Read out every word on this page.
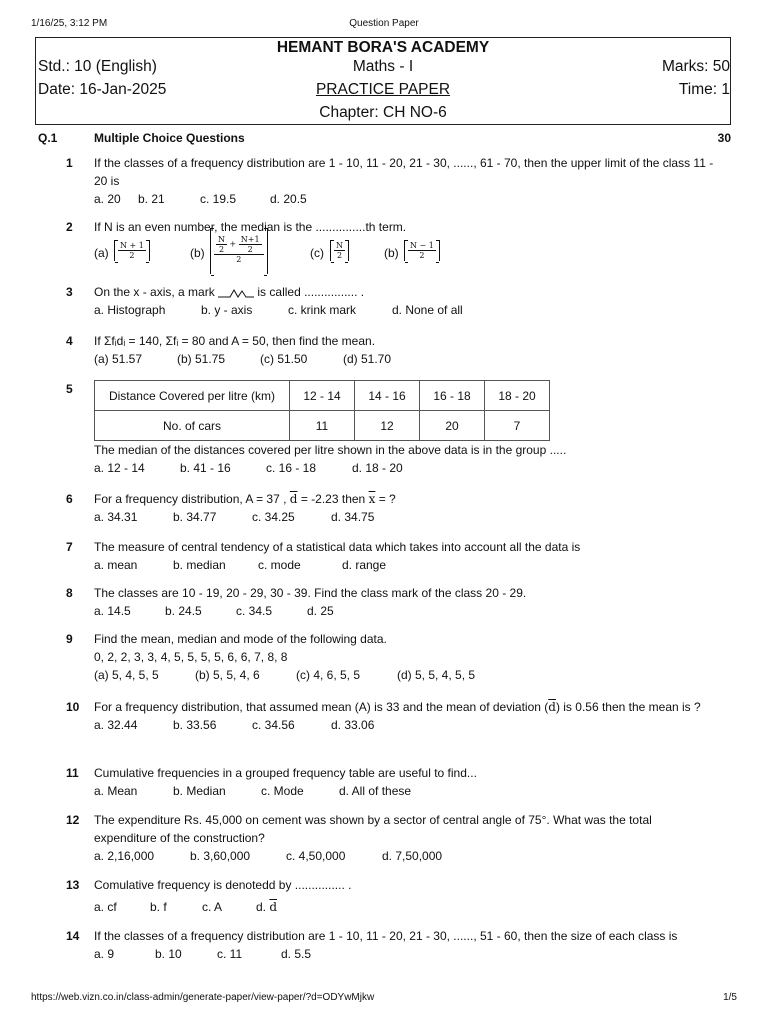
1/16/25, 3:12 PM	Question Paper
HEMANT BORA'S ACADEMY
Std.: 10 (English)	Maths - I	Marks: 50
Date: 16-Jan-2025	PRACTICE PAPER	Time: 1
Chapter: CH NO-6
Q.1	Multiple Choice Questions	30
1	If the classes of a frequency distribution are 1 - 10, 11 - 20, 21 - 30, ......, 61 - 70, then the upper limit of the class 11 - 20 is
a. 20 b. 21	c. 19.5	d. 20.5
2	If N is an even number, the median is the ...............th term.
$(a) \frac{N + 1}{2}$	$(b) \frac{\frac{N}{2} + \frac{N+1}{2}}{2}$	$(c) \frac{N}{2}$	$(b) \frac{N - 1}{2}$
3	On the x - axis, a mark	is called ................ .
a. Histograph	b. y - axis	c. krink mark	d. None of all
4	If Σfᵢdᵢ = 140, Σfᵢ = 80 and A = 50, then find the mean.
(a) 51.57	(b) 51.75	(c) 51.50	(d) 51.70
5	Distance Covered per litre (km)	12 - 14	14 - 16	16 - 18	18 - 20
No. of cars	11	12	20	7
The median of the distances covered per litre shown in the above data is in the group .....
a. 12 - 14	b. 41 - 16	c. 16 - 18	d. 18 - 20
6	For a frequency distribution, A = 37 , $\overline{d} = -2.23$ then $\overline{x}$ = ?
a. 34.31	b. 34.77	c. 34.25	d. 34.75
7	The measure of central tendency of a statistical data which takes into account all the data is
a. mean	b. median	c. mode	d. range
8	The classes are 10 - 19, 20 - 29, 30 - 39. Find the class mark of the class 20 - 29.
a. 14.5	b. 24.5	c. 34.5	d. 25
9	Find the mean, median and mode of the following data.
0, 2, 2, 3, 3, 4, 5, 5, 5, 5, 6, 6, 7, 8, 8
(a) 5, 4, 5, 5	(b) 5, 5, 4, 6	(c) 4, 6, 5, 5	(d) 5, 5, 4, 5, 5
10	For a frequency distribution, that assumed mean (A) is 33 and the mean of deviation $(\overline{d})$ is 0.56 then the mean is ?
a. 32.44	b. 33.56	c. 34.56	d. 33.06
11	Cumulative frequencies in a grouped frequency table are useful to find...
a. Mean	b. Median	c. Mode	d. All of these
12	The expenditure Rs. 45,000 on cement was shown by a sector of central angle of 75°. What was the total expenditure of the construction?
a. 2,16,000	b. 3,60,000	c. 4,50,000	d. 7,50,000
13	Comulative frequency is denotedd by ............... .
a. cf	b. f	c. A	d. $\overline{d}$
14	If the classes of a frequency distribution are 1 - 10, 11 - 20, 21 - 30, ......, 51 - 60, then the size of each class is
a. 9	b. 10	c. 11	d. 5.5
https://web.vizn.co.in/class-admin/generate-paper/view-paper/?d=ODYwMjkw	1/5
